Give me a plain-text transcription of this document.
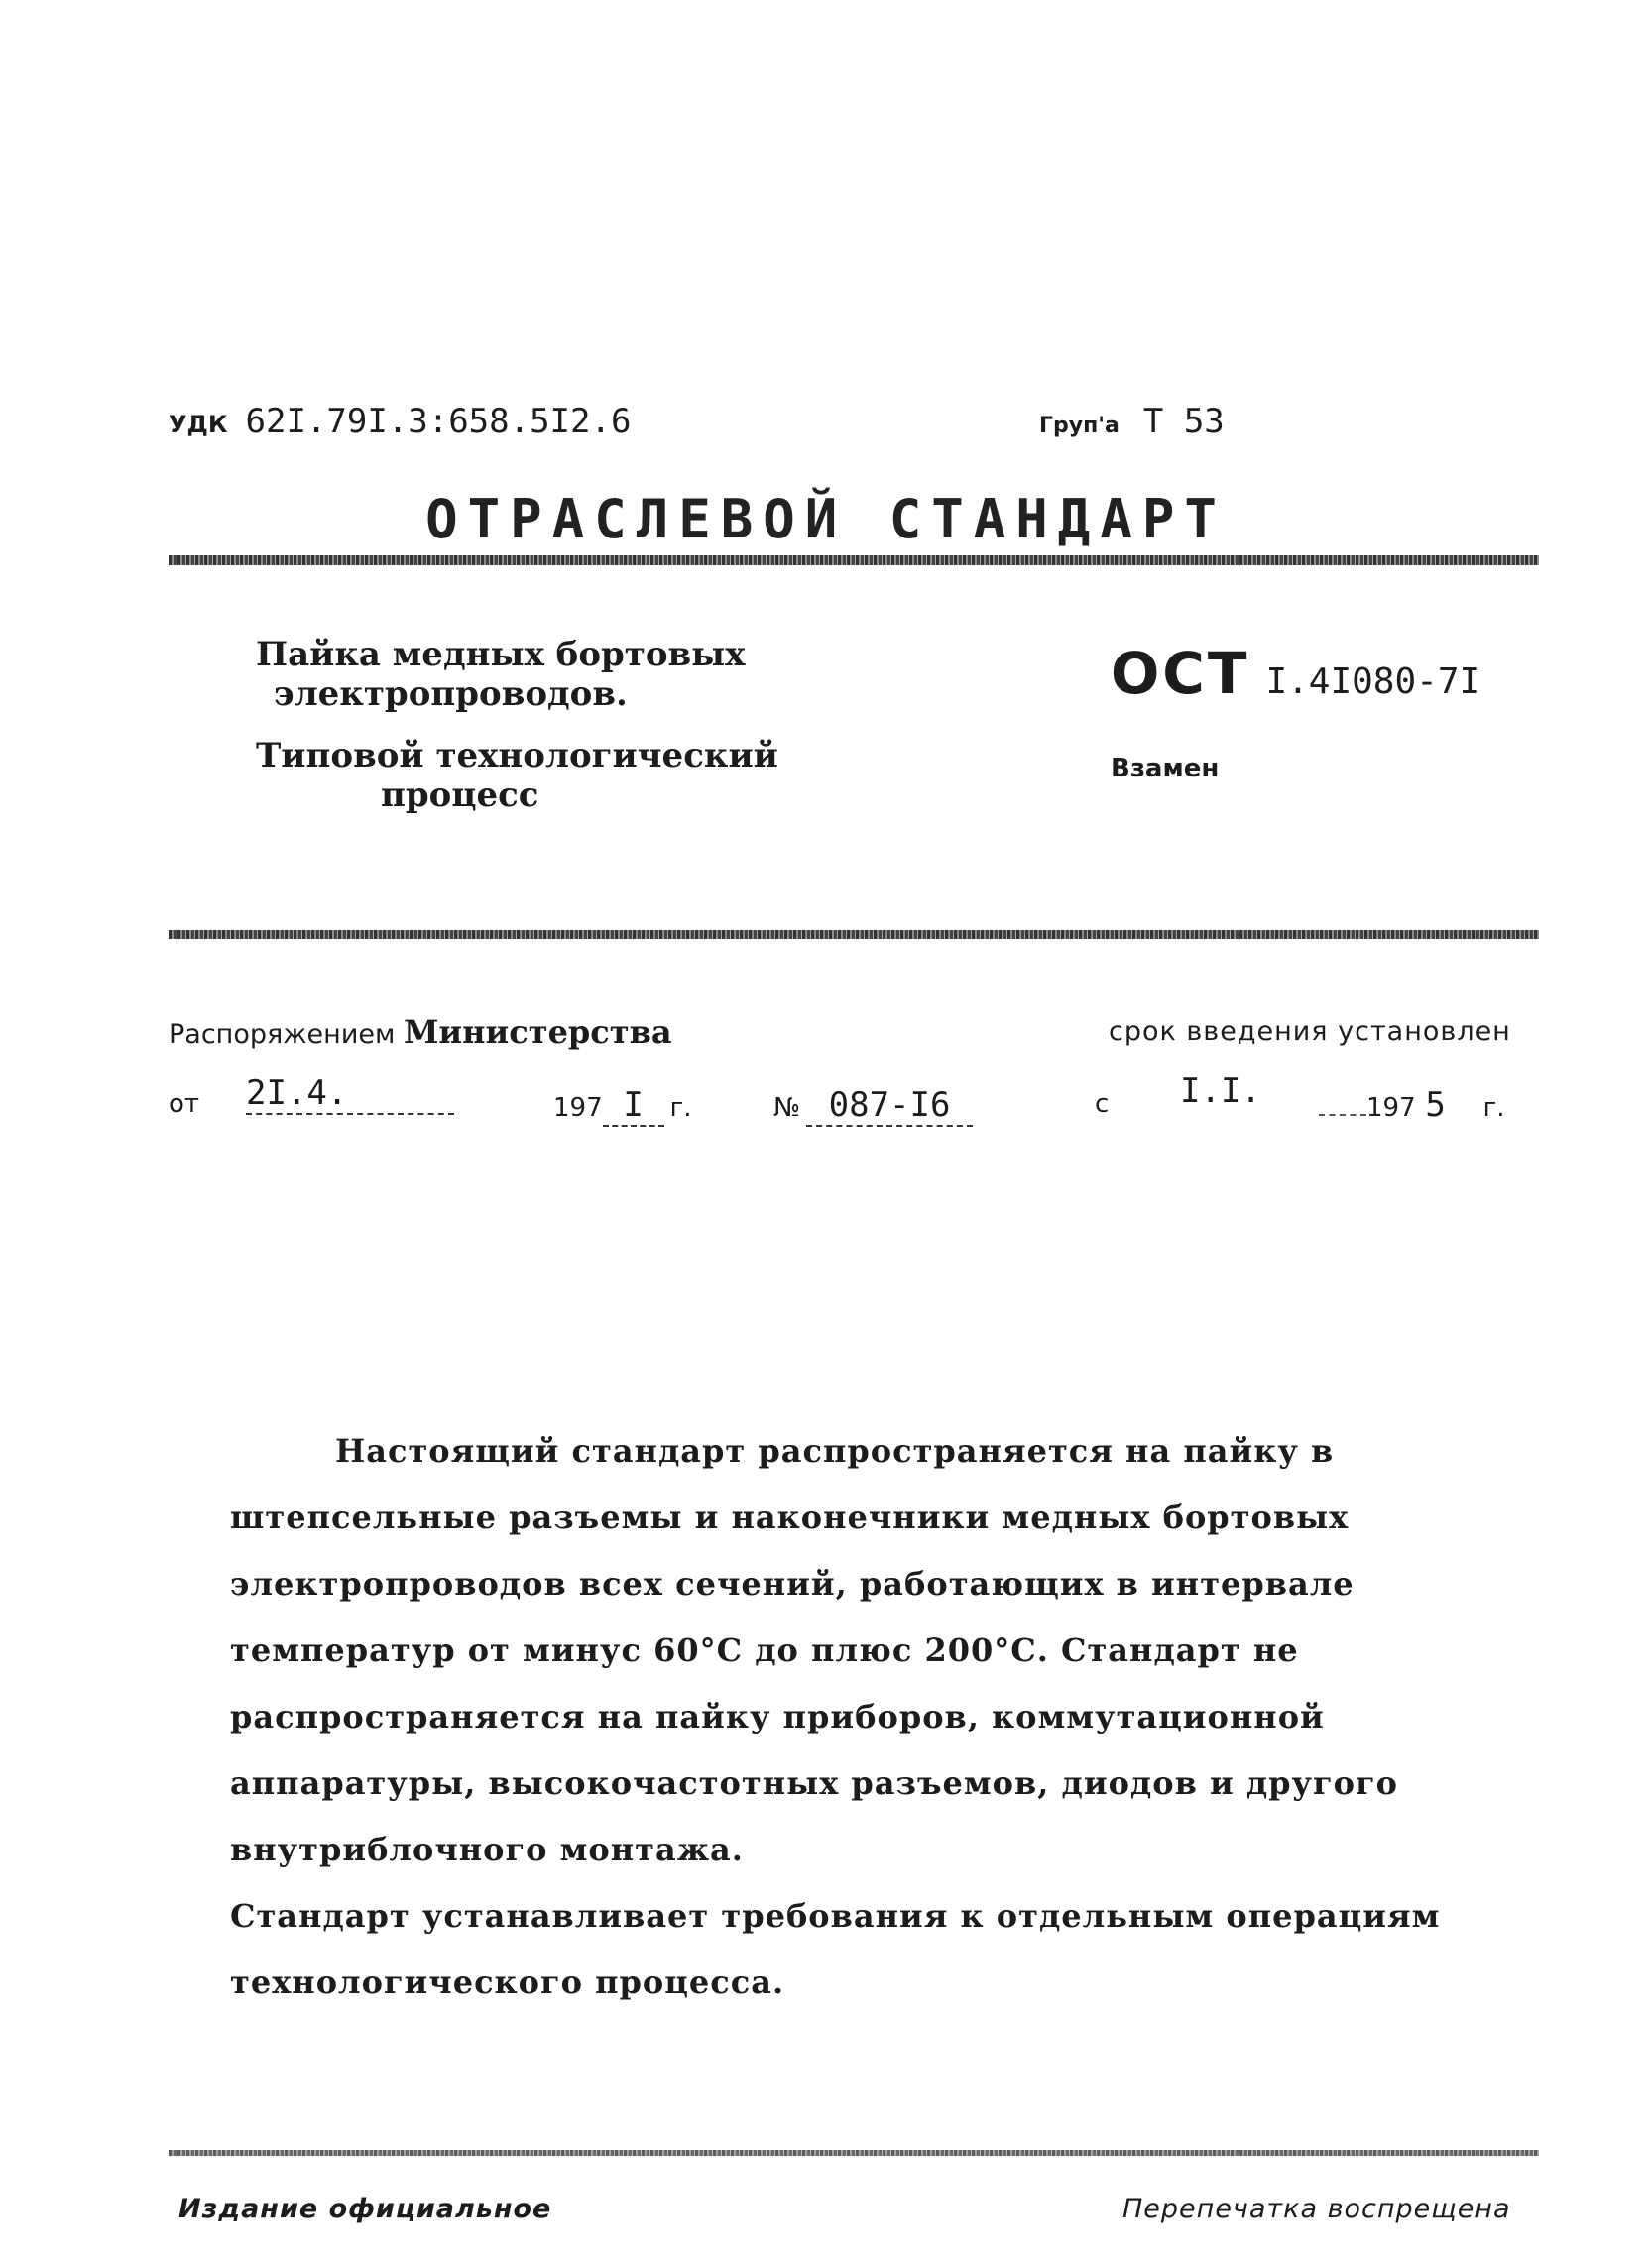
УДК 62I.79I.3:658.5I2.6	Груп'а Т 53
ОТРАСЛЕВОЙ СТАНДАРТ
Пайка медных бортовых
электропроводов.
Типовой технологический
процесс
ОСТ I.4I080-7I
Взамен
Распоряжением Министерства	срок введения установлен
от 2I.4.	197 I г.	№ 087-I6	с I.I.	197 5 г.

Настоящий стандарт распространяется на пайку в штепсельные разъемы и наконечники медных бортовых электропроводов всех сечений, работающих в интервале температур от минус 60°С до плюс 200°С. Стандарт не распространяется на пайку приборов, коммутационной аппаратуры, высокочастотных разъемов, диодов и другого внутриблочного монтажа.

Стандарт устанавливает требования к отдельным операциям технологического процесса.

Издание официальное	Перепечатка воспрещена
